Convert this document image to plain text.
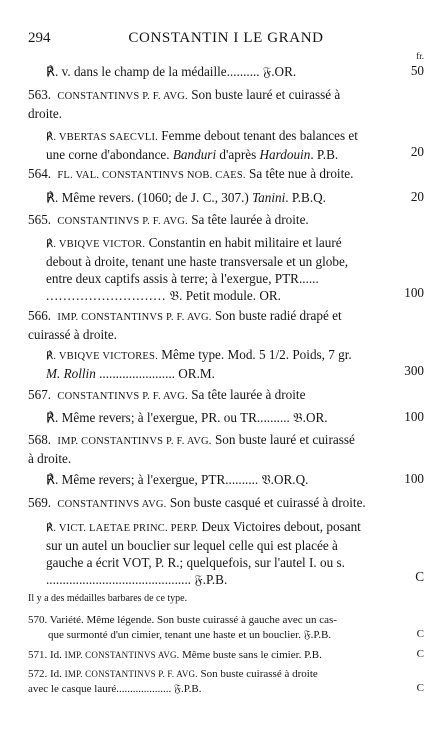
294	CONSTANTIN I LE GRAND
fr.
℟. v. dans le champ de la médaille.......... 𝔉.OR.	50
563. CONSTANTINVS P. F. AVG. Son buste lauré et cuirassé à
droite.
℟. VBERTAS SAECVLI. Femme debout tenant des balances et
une corne d'abondance. Banduri d'après Hardouin. P.B.	20
564. FL. VAL. CONSTANTINVS NOB. CAES. Sa tête nue à droite.
℟. Même revers. (1060; de J. C., 307.) Tanini. P.B.Q.	20
565. CONSTANTINVS P. F. AVG. Sa tête laurée à droite.
℟. VBIQVE VICTOR. Constantin en habit militaire et lauré
debout à droite, tenant une haste transversale et un globe,
entre deux captifs assis à terre; à l'exergue, PTR......
............................ 𝔅. Petit module. OR.	100
566. IMP. CONSTANTINVS P. F. AVG. Son buste radié drapé et
cuirassé à droite.
℟. VBIQVE VICTORES. Même type. Mod. 5 1/2. Poids, 7 gr.
M. Rollin ....................... OR.M.	300
567. CONSTANTINVS P. F. AVG. Sa tête laurée à droite
℟. Même revers; à l'exergue, PR. ou TR.......... 𝔅.OR.	100
568. IMP. CONSTANTINVS P. F. AVG. Son buste lauré et cuirassé
à droite.
℟. Même revers; à l'exergue, PTR.......... 𝔙.OR.Q.	100
569. CONSTANTINVS AVG. Son buste casqué et cuirassé à droite.
℟. VICT. LAETAE PRINC. PERP. Deux Victoires debout, posant
sur un autel un bouclier sur lequel celle qui est placée à
gauche a écrit VOT, P. R.; quelquefois, sur l'autel I. ou s.
............................................ 𝔉.P.B.	C
Il y a des médailles barbares de ce type.
570. Variété. Même légende. Son buste cuirassé à gauche avec un cas-
que surmonté d'un cimier, tenant une haste et un bouclier. 𝔉.P.B.	C
571. Id. IMP. CONSTANTINVS AVG. Même buste sans le cimier. P.B.	C
572. Id. IMP. CONSTANTINVS P. F. AVG. Son buste cuirassé à droite
avec le casque lauré.................... 𝔉.P.B.	C
